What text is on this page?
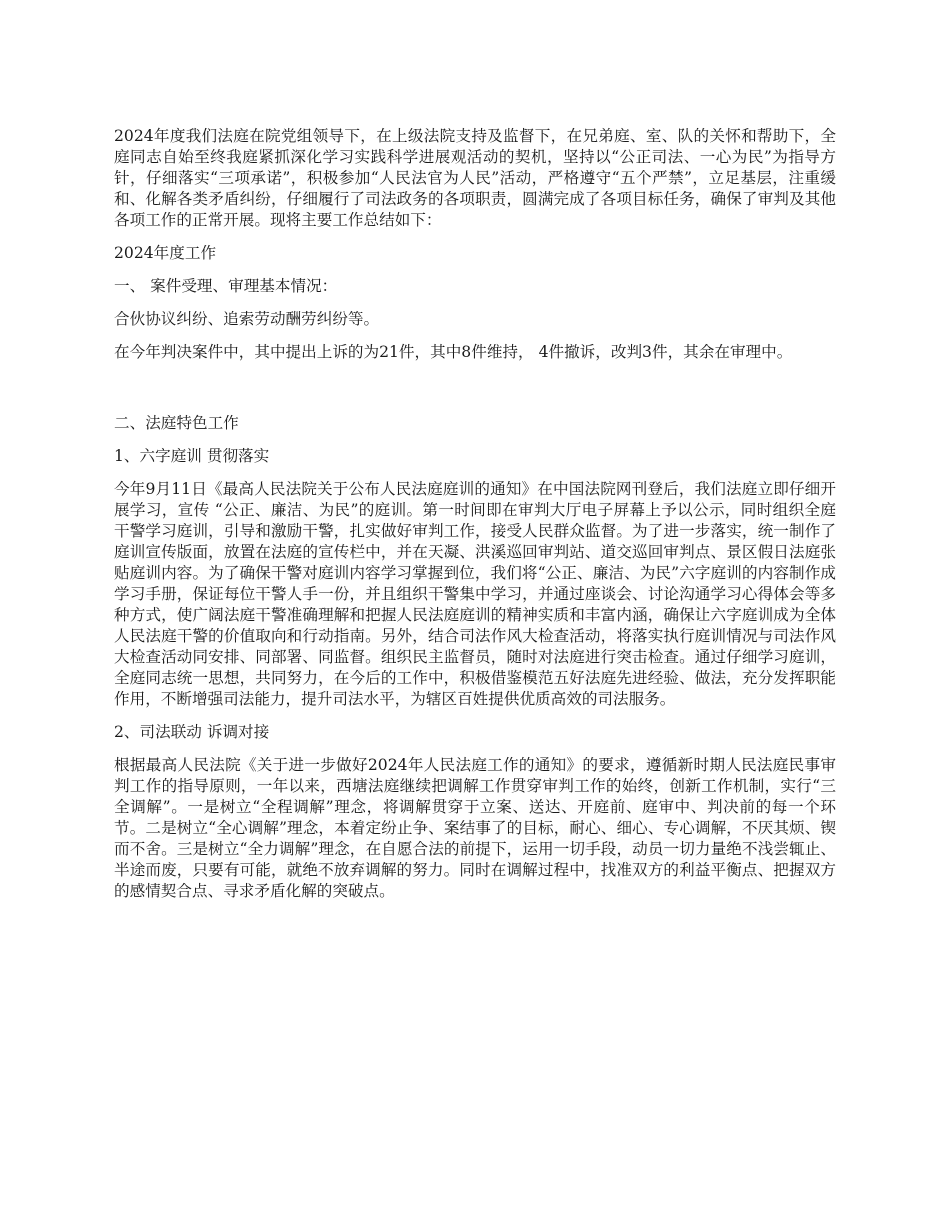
2024年度我们法庭在院党组领导下，在上级法院支持及监督下，在兄弟庭、室、队的关怀和帮助下，全庭同志自始至终我庭紧抓深化学习实践科学进展观活动的契机，坚持以“公正司法、一心为民”为指导方针，仔细落实“三项承诺”，积极参加“人民法官为人民”活动，严格遵守“五个严禁”，立足基层，注重缓和、化解各类矛盾纠纷，仔细履行了司法政务的各项职责，圆满完成了各项目标任务，确保了审判及其他各项工作的正常开展。现将主要工作总结如下：

2024年度工作

一、 案件受理、审理基本情况：

合伙协议纠纷、追索劳动酬劳纠纷等。

在今年判决案件中，其中提出上诉的为21件，其中8件维持， 4件撤诉，改判3件，其余在审理中。

二、法庭特色工作

1、六字庭训 贯彻落实

今年9月11日《最高人民法院关于公布人民法庭庭训的通知》在中国法院网刊登后，我们法庭立即仔细开展学习，宣传 “公正、廉洁、为民”的庭训。第一时间即在审判大厅电子屏幕上予以公示，同时组织全庭干警学习庭训，引导和激励干警，扎实做好审判工作，接受人民群众监督。为了进一步落实，统一制作了庭训宣传版面，放置在法庭的宣传栏中，并在天凝、洪溪巡回审判站、道交巡回审判点、景区假日法庭张贴庭训内容。为了确保干警对庭训内容学习掌握到位，我们将“公正、廉洁、为民”六字庭训的内容制作成学习手册，保证每位干警人手一份，并且组织干警集中学习，并通过座谈会、讨论沟通学习心得体会等多种方式，使广阔法庭干警准确理解和把握人民法庭庭训的精神实质和丰富内涵，确保让六字庭训成为全体人民法庭干警的价值取向和行动指南。另外，结合司法作风大检查活动，将落实执行庭训情况与司法作风大检查活动同安排、同部署、同监督。组织民主监督员，随时对法庭进行突击检查。通过仔细学习庭训，全庭同志统一思想，共同努力，在今后的工作中，积极借鉴模范五好法庭先进经验、做法，充分发挥职能作用，不断增强司法能力，提升司法水平，为辖区百姓提供优质高效的司法服务。

2、司法联动 诉调对接

根据最高人民法院《关于进一步做好2024年人民法庭工作的通知》的要求，遵循新时期人民法庭民事审判工作的指导原则，一年以来，西塘法庭继续把调解工作贯穿审判工作的始终，创新工作机制，实行“三全调解”。一是树立“全程调解”理念，将调解贯穿于立案、送达、开庭前、庭审中、判决前的每一个环节。二是树立“全心调解”理念，本着定纷止争、案结事了的目标，耐心、细心、专心调解，不厌其烦、锲而不舍。三是树立“全力调解”理念，在自愿合法的前提下，运用一切手段，动员一切力量绝不浅尝辄止、半途而废，只要有可能，就绝不放弃调解的努力。同时在调解过程中，找准双方的利益平衡点、把握双方的感情契合点、寻求矛盾化解的突破点。
